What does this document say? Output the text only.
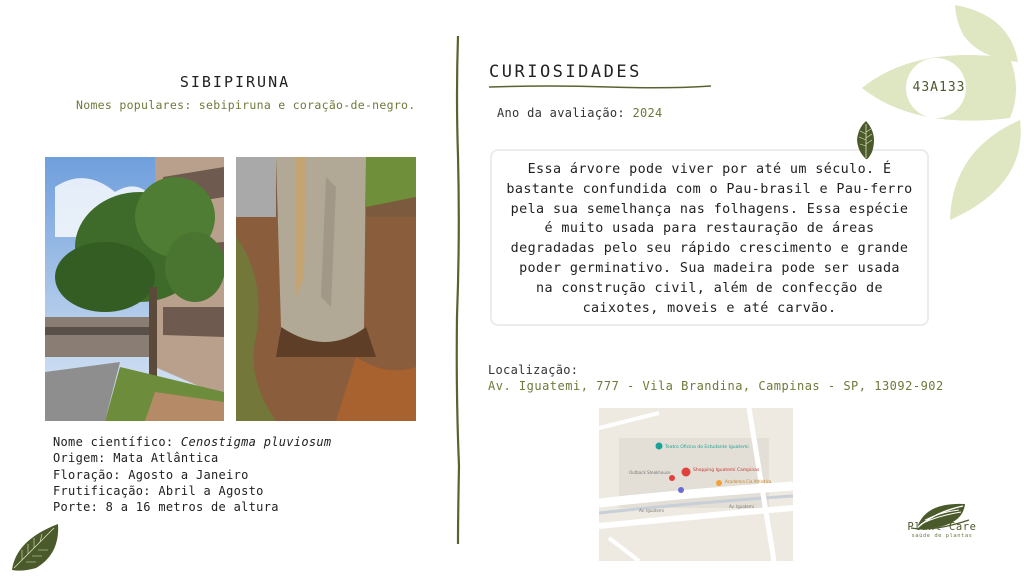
SIBIPIRUNA
Nomes populares: sebipiruna e coração-de-negro.
Nome científico: Cenostigma pluviosum
Origem: Mata Atlântica
Floração: Agosto a Janeiro
Frutificação: Abril a Agosto
Porte: 8 a 16 metros de altura
CURIOSIDADES
Ano da avaliação: 2024
Essa árvore pode viver por até um século. É
bastante confundida com o Pau-brasil e Pau-ferro
pela sua semelhança nas folhagens. Essa espécie
é muito usada para restauração de áreas
degradadas pelo seu rápido crescimento e grande
poder germinativo. Sua madeira pode ser usada
na construção civil, além de confecção de
caixotes, moveis e até carvão.
Localização:
Av. Iguatemi, 777 - Vila Brandina, Campinas - SP, 13092-902
Teatro Oficina do Estudante Iguatemi
Shopping Iguatemi Campinas
Outback Steakhouse
Academia Cia Athletica
Av. Iguatemi
Av. Iguatemi
43A133
Plant Care
saúde de plantas
